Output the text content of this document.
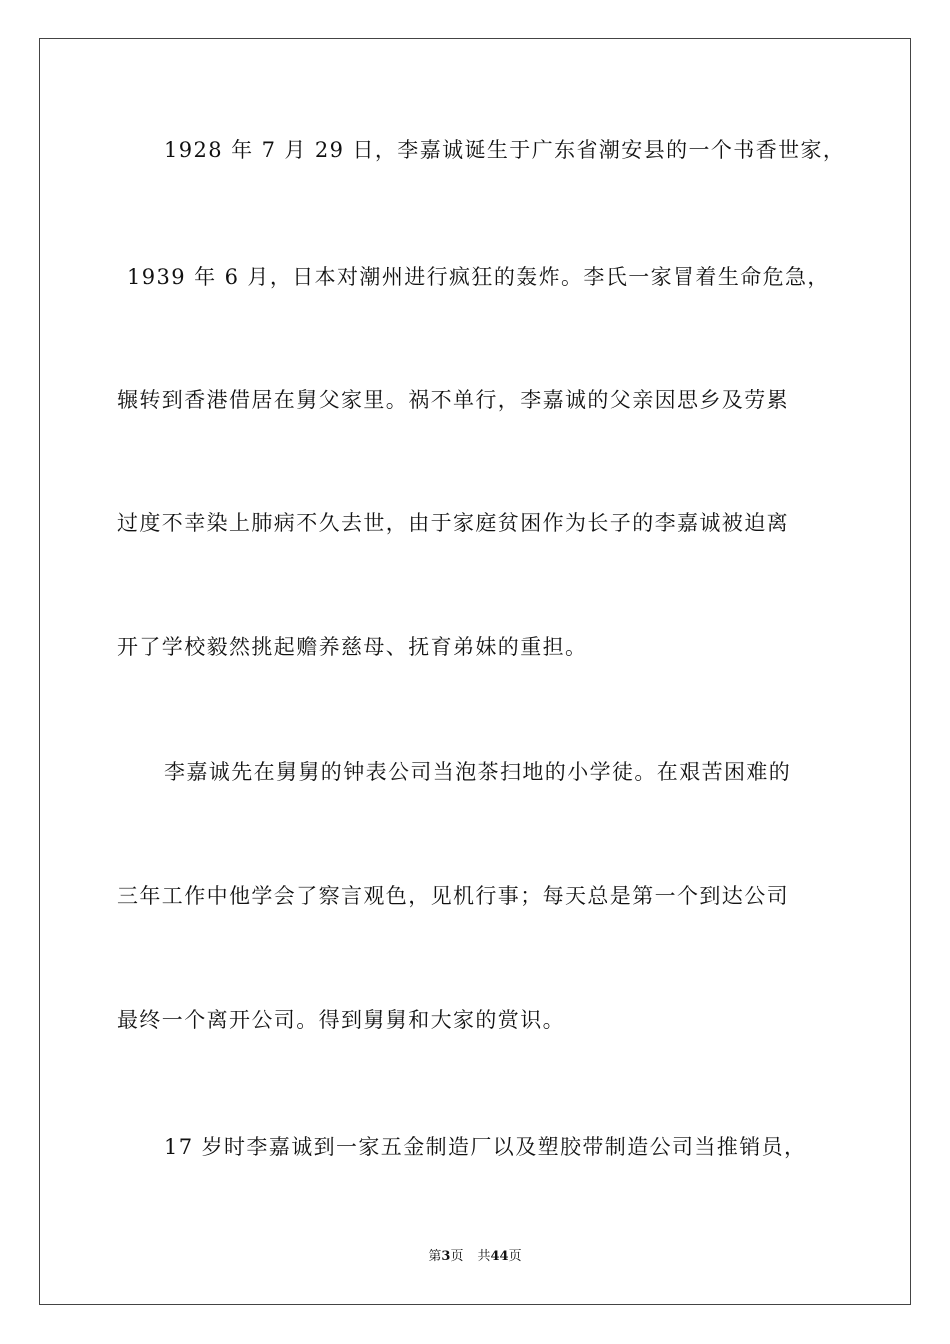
1928 年 7 月 29 日，李嘉诚诞生于广东省潮安县的一个书香世家，
1939 年 6 月，日本对潮州进行疯狂的轰炸。李氏一家冒着生命危急，
辗转到香港借居在舅父家里。祸不单行，李嘉诚的父亲因思乡及劳累
过度不幸染上肺病不久去世，由于家庭贫困作为长子的李嘉诚被迫离
开了学校毅然挑起赡养慈母、抚育弟妹的重担。
李嘉诚先在舅舅的钟表公司当泡茶扫地的小学徒。在艰苦困难的
三年工作中他学会了察言观色，见机行事；每天总是第一个到达公司
最终一个离开公司。得到舅舅和大家的赏识。
17 岁时李嘉诚到一家五金制造厂以及塑胶带制造公司当推销员，
第3页 共44页
